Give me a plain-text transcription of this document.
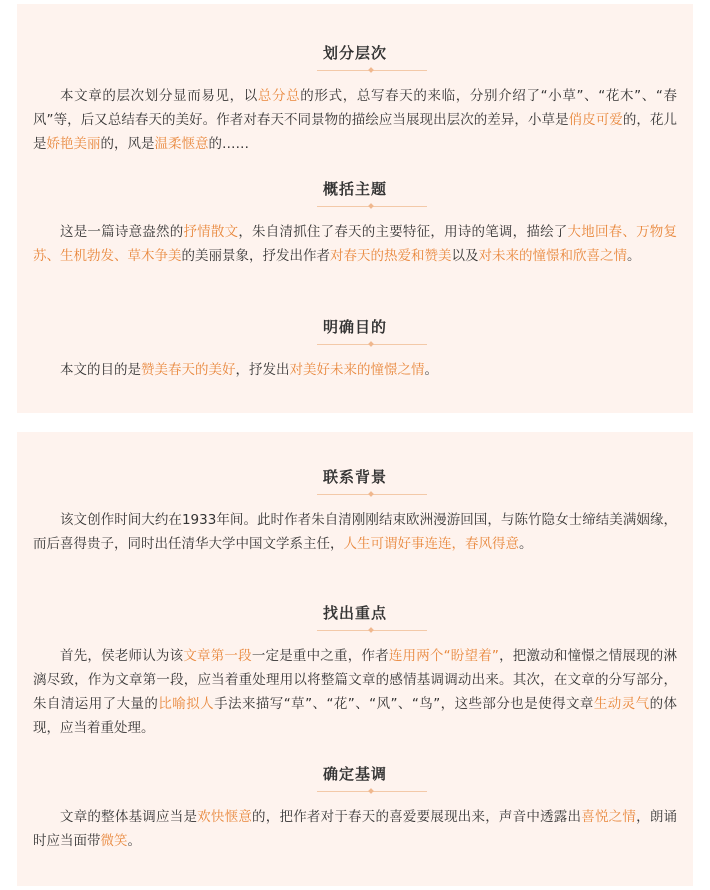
划分层次

本文章的层次划分显而易见，以总分总的形式，总写春天的来临，分别介绍了“小草”、“花木”、“春风”等，后又总结春天的美好。作者对春天不同景物的描绘应当展现出层次的差异，小草是俏皮可爱的，花儿是娇艳美丽的，风是温柔惬意的……

概括主题

这是一篇诗意盎然的抒情散文，朱自清抓住了春天的主要特征，用诗的笔调，描绘了大地回春、万物复苏、生机勃发、草木争美的美丽景象，抒发出作者对春天的热爱和赞美以及对未来的憧憬和欣喜之情。

明确目的

本文的目的是赞美春天的美好，抒发出对美好未来的憧憬之情。

联系背景

该文创作时间大约在1933年间。此时作者朱自清刚刚结束欧洲漫游回国，与陈竹隐女士缔结美满姻缘，而后喜得贵子，同时出任清华大学中国文学系主任，人生可谓好事连连，春风得意。

找出重点

首先，侯老师认为该文章第一段一定是重中之重，作者连用两个“盼望着”，把激动和憧憬之情展现的淋漓尽致，作为文章第一段，应当着重处理用以将整篇文章的感情基调调动出来。其次，在文章的分写部分，朱自清运用了大量的比喻拟人手法来描写“草”、“花”、“风”、“鸟”，这些部分也是使得文章生动灵气的体现，应当着重处理。

确定基调

文章的整体基调应当是欢快惬意的，把作者对于春天的喜爱要展现出来，声音中透露出喜悦之情，朗诵时应当面带微笑。
